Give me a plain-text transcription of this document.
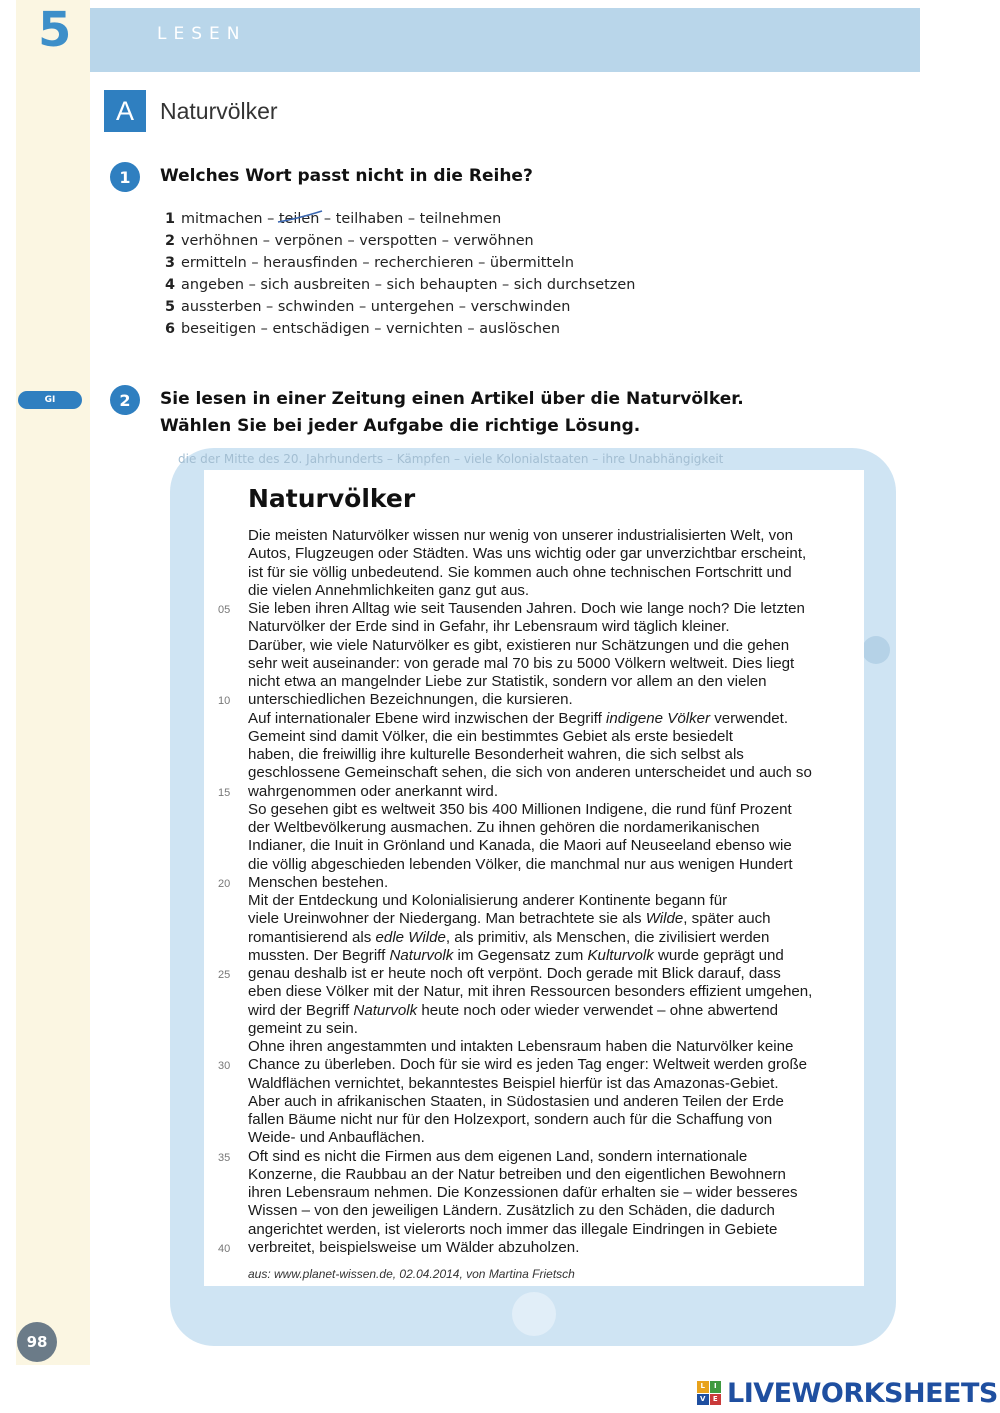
5	LESEN
A	Naturvölker
1	Welches Wort passt nicht in die Reihe?
1 mitmachen – teilen
– teilhaben – teilnehmen
2 verhöhnen – verpönen – verspotten – verwöhnen
3 ermitteln – herausfinden – recherchieren – übermitteln
4 angeben – sich ausbreiten – sich behaupten – sich durchsetzen
5 aussterben – schwinden – untergehen – verschwinden
6 beseitigen – entschädigen – vernichten – auslöschen
GI	2	Sie lesen in einer Zeitung einen Artikel über die Naturvölker.
Wählen Sie bei jeder Aufgabe die richtige Lösung.
die der Mitte des 20. Jahrhunderts – Kämpfen – viele Kolonialstaaten – ihre Unabhängigkeit
Naturvölker
Die meisten Naturvölker wissen nur wenig von unserer industrialisierten Welt, von
Autos, Flugzeugen oder Städten. Was uns wichtig oder gar unverzichtbar erscheint,
ist für sie völlig unbedeutend. Sie kommen auch ohne technischen Fortschritt und
die vielen Annehmlichkeiten ganz gut aus.
05	Sie leben ihren Alltag wie seit Tausenden Jahren. Doch wie lange noch? Die letzten
Naturvölker der Erde sind in Gefahr, ihr Lebensraum wird täglich kleiner.
Darüber, wie viele Naturvölker es gibt, existieren nur Schätzungen und die gehen
sehr weit auseinander: von gerade mal 70 bis zu 5000 Völkern weltweit. Dies liegt
nicht etwa an mangelnder Liebe zur Statistik, sondern vor allem an den vielen
10	unterschiedlichen Bezeichnungen, die kursieren.
Auf internationaler Ebene wird inzwischen der Begriff indigene Völker verwendet.
Gemeint sind damit Völker, die ein bestimmtes Gebiet als erste besiedelt
haben, die freiwillig ihre kulturelle Besonderheit wahren, die sich selbst als
geschlossene Gemeinschaft sehen, die sich von anderen unterscheidet und auch so
15	wahrgenommen oder anerkannt wird.
So gesehen gibt es weltweit 350 bis 400 Millionen Indigene, die rund fünf Prozent
der Weltbevölkerung ausmachen. Zu ihnen gehören die nordamerikanischen
Indianer, die Inuit in Grönland und Kanada, die Maori auf Neuseeland ebenso wie
die völlig abgeschieden lebenden Völker, die manchmal nur aus wenigen Hundert
20	Menschen bestehen.
Mit der Entdeckung und Kolonialisierung anderer Kontinente begann für
viele Ureinwohner der Niedergang. Man betrachtete sie als Wilde, später auch
romantisierend als edle Wilde, als primitiv, als Menschen, die zivilisiert werden
mussten. Der Begriff Naturvolk im Gegensatz zum Kulturvolk wurde geprägt und
25	genau deshalb ist er heute noch oft verpönt. Doch gerade mit Blick darauf, dass
eben diese Völker mit der Natur, mit ihren Ressourcen besonders effizient umgehen,
wird der Begriff Naturvolk heute noch oder wieder verwendet – ohne abwertend
gemeint zu sein.
Ohne ihren angestammten und intakten Lebensraum haben die Naturvölker keine
30	Chance zu überleben. Doch für sie wird es jeden Tag enger: Weltweit werden große
Waldflächen vernichtet, bekanntestes Beispiel hierfür ist das Amazonas-Gebiet.
Aber auch in afrikanischen Staaten, in Südostasien und anderen Teilen der Erde
fallen Bäume nicht nur für den Holzexport, sondern auch für die Schaffung von
Weide- und Anbauflächen.
35	Oft sind es nicht die Firmen aus dem eigenen Land, sondern internationale
Konzerne, die Raubbau an der Natur betreiben und den eigentlichen Bewohnern
ihren Lebensraum nehmen. Die Konzessionen dafür erhalten sie – wider besseres
Wissen – von den jeweiligen Ländern. Zusätzlich zu den Schäden, die dadurch
angerichtet werden, ist vielerorts noch immer das illegale Eindringen in Gebiete
40	verbreitet, beispielsweise um Wälder abzuholzen.
aus: www.planet-wissen.de, 02.04.2014, von Martina Frietsch
98
L	I
V	E LIVEWORKSHEETS
